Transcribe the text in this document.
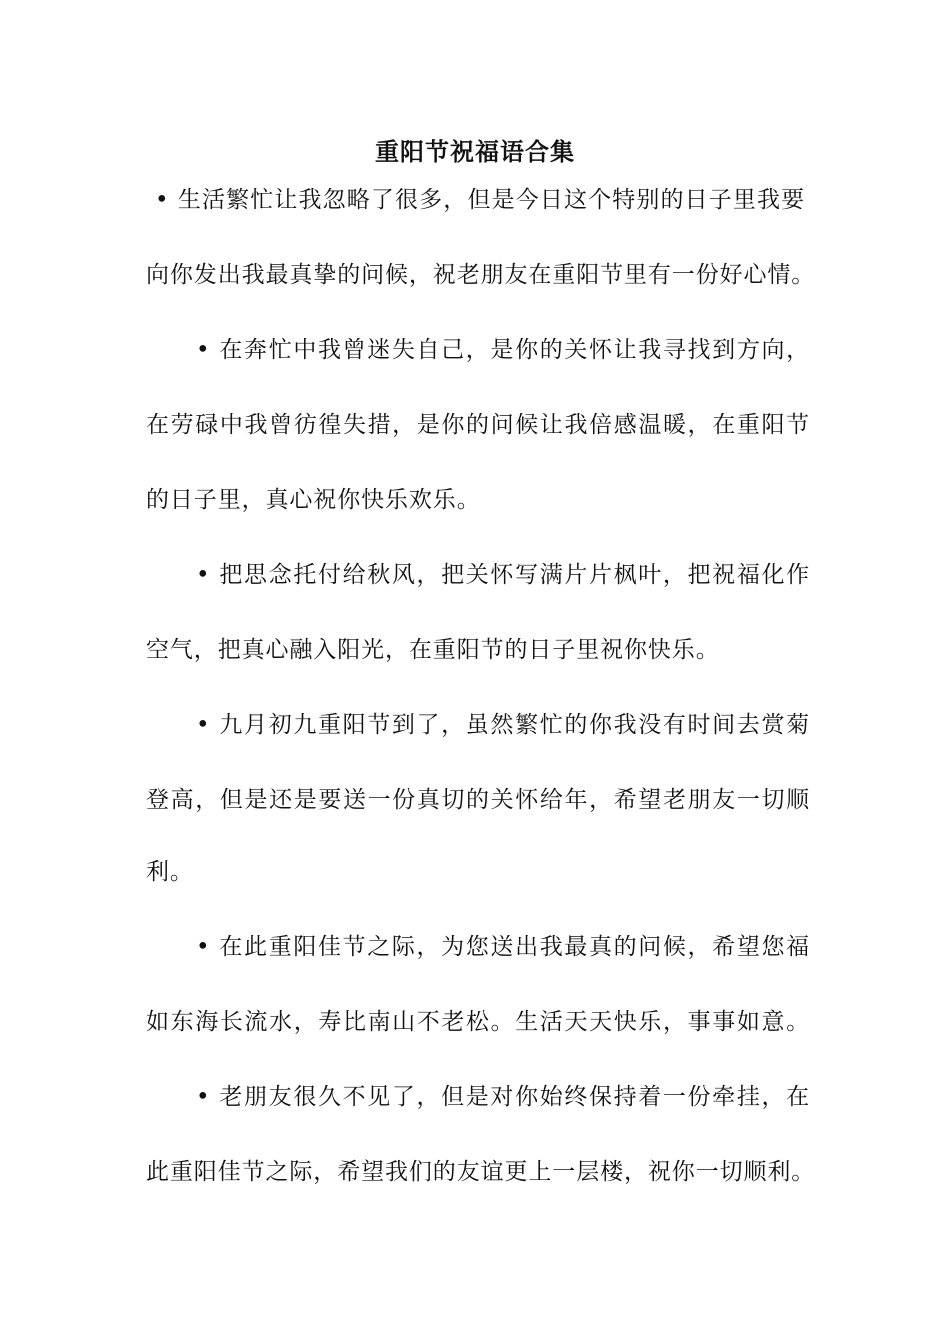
重阳节祝福语合集
• 生活繁忙让我忽略了很多，但是今日这个特别的日子里我要
向你发出我最真挚的问候，祝老朋友在重阳节里有一份好心情。
• 在奔忙中我曾迷失自己，是你的关怀让我寻找到方向，
在劳碌中我曾彷徨失措，是你的问候让我倍感温暖，在重阳节
的日子里，真心祝你快乐欢乐。
• 把思念托付给秋风，把关怀写满片片枫叶，把祝福化作
空气，把真心融入阳光，在重阳节的日子里祝你快乐。
• 九月初九重阳节到了，虽然繁忙的你我没有时间去赏菊
登高，但是还是要送一份真切的关怀给年，希望老朋友一切顺
利。
• 在此重阳佳节之际，为您送出我最真的问候，希望您福
如东海长流水，寿比南山不老松。生活天天快乐，事事如意。
• 老朋友很久不见了，但是对你始终保持着一份牵挂，在
此重阳佳节之际，希望我们的友谊更上一层楼，祝你一切顺利。
